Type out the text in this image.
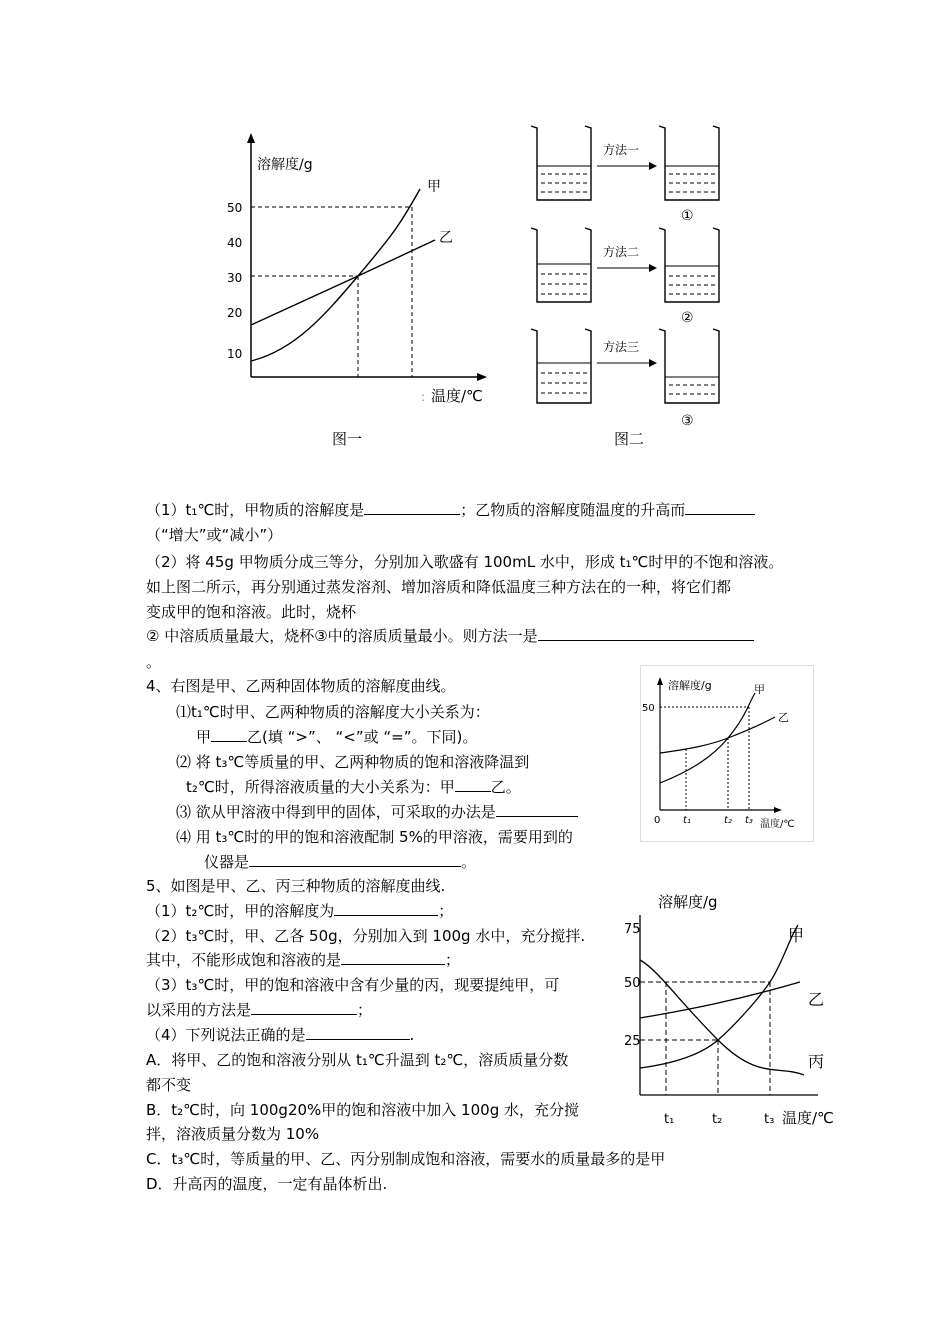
溶解度/g
温度/℃
:
50
40
30
20
10
甲
乙
图一
方法一
①
方法二
②
方法三
③
图二
（1）t₁℃时，甲物质的溶解度是	；乙物质的溶解度随温度的升高而
（“增大”或“减小”）
（2）将 45g 甲物质分成三等分，分别加入歌盛有 100mL 水中，形成 t₁℃时甲的不饱和溶液。
如上图二所示，再分别通过蒸发溶剂、增加溶质和降低温度三种方法在的一种，将它们都
变成甲的饱和溶液。此时，烧杯
② 中溶质质量最大，烧杯③中的溶质质量最小。则方法一是
。
4、右图是甲、乙两种固体物质的溶解度曲线。
⑴t₁℃时甲、乙两种物质的溶解度大小关系为：
甲 乙(填 “>”、 “<”或 “=”。下同)。
⑵ 将 t₃℃等质量的甲、乙两种物质的饱和溶液降温到
t₂℃时，所得溶液质量的大小关系为：甲 乙。
⑶ 欲从甲溶液中得到甲的固体，可采取的办法是
⑷ 用 t₃℃时的甲的饱和溶液配制 5%的甲溶液，需要用到的
仪器是	。
溶解度/g
50
0 t₁	t₂ t₃ 温度/℃
甲
乙
5、如图是甲、乙、丙三种物质的溶解度曲线.
（1）t₂℃时，甲的溶解度为	；
（2）t₃℃时，甲、乙各 50g，分别加入到 100g 水中，充分搅拌.
其中，不能形成饱和溶液的是	；
（3）t₃℃时，甲的饱和溶液中含有少量的丙，现要提纯甲，可
以采用的方法是	；
（4）下列说法正确的是	.
A．将甲、乙的饱和溶液分别从 t₁℃升温到 t₂℃，溶质质量分数
都不变
B．t₂℃时，向 100g20%甲的饱和溶液中加入 100g 水，充分搅
拌，溶液质量分数为 10%
C．t₃℃时，等质量的甲、乙、丙分别制成饱和溶液，需要水的质量最多的是甲
D．升高丙的温度，一定有晶体析出.
溶解度/g
75
50
25
t₁	t₂	t₃ 温度/℃
甲
乙
丙
